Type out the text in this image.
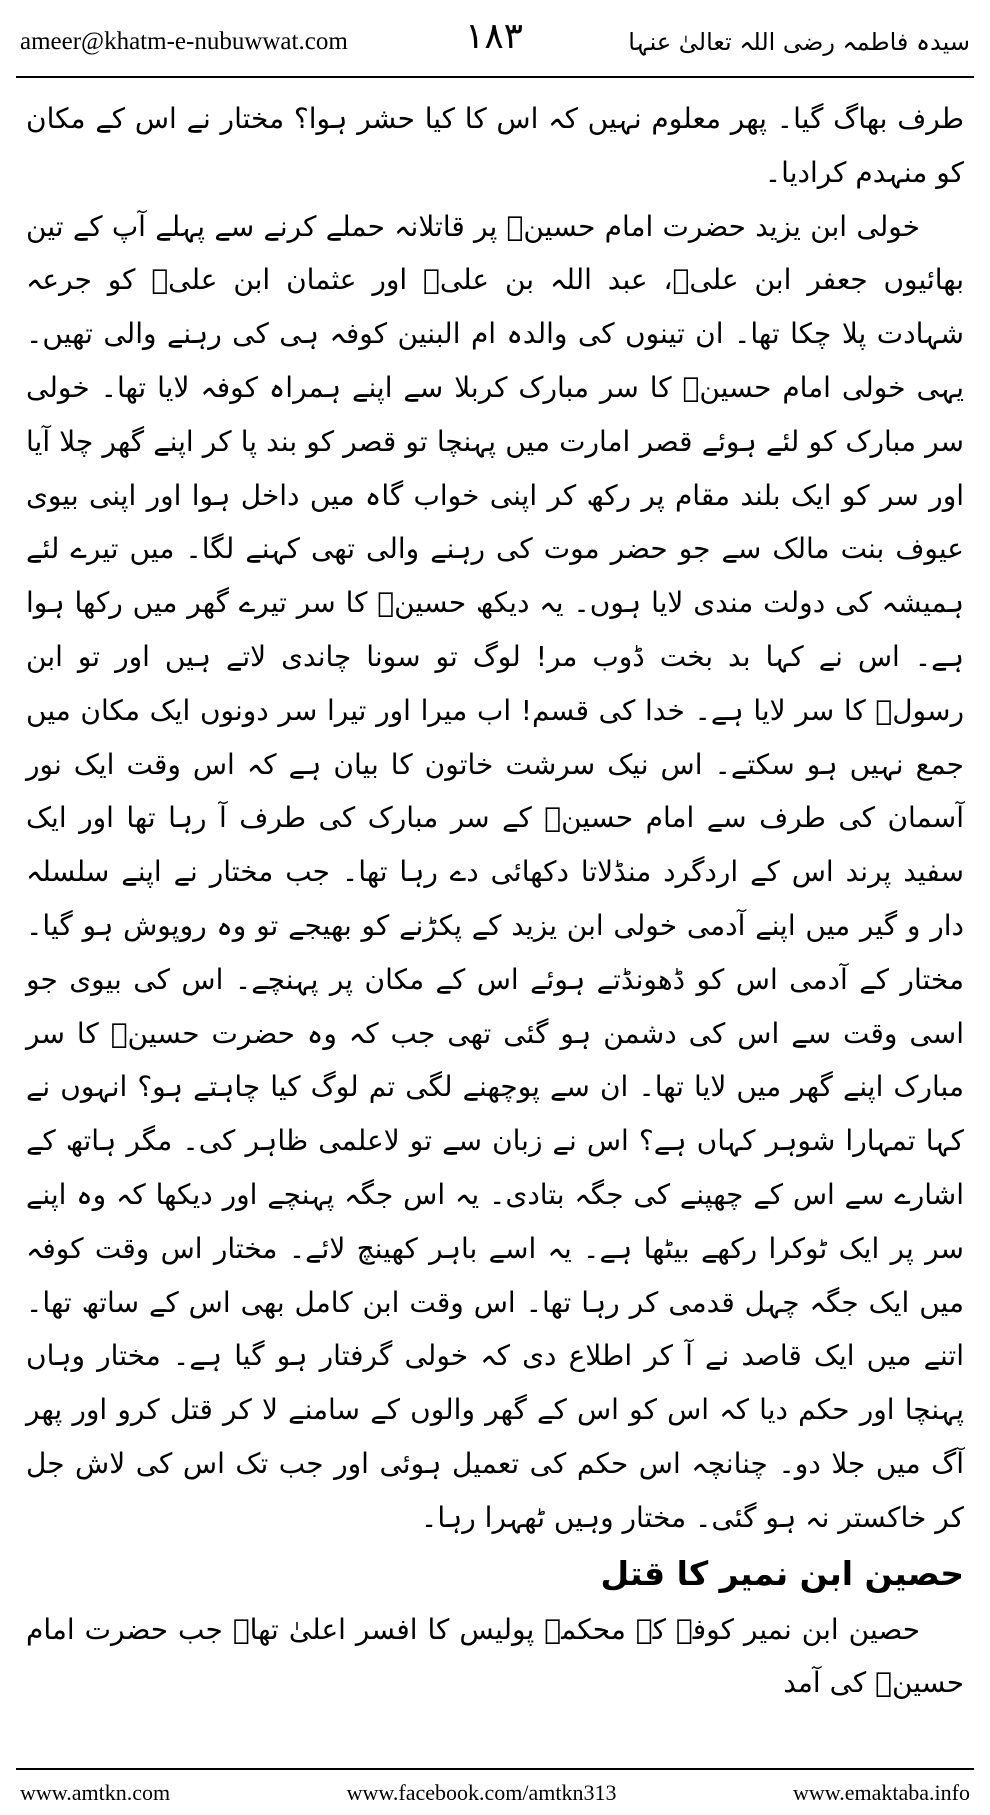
ameer@khatm-e-nubuwwat.com	۱۸۳	سیدہ فاطمہ رضی اللہ تعالیٰ عنہا

طرف بھاگ گیا۔ پھر معلوم نہیں کہ اس کا کیا حشر ہوا؟ مختار نے اس کے مکان کو منہدم کرادیا۔

خولی ابن یزید حضرت امام حسینؓ پر قاتلانہ حملے کرنے سے پہلے آپ کے تین بھائیوں جعفر ابن علیؓ، عبد اللہ بن علیؓ اور عثمان ابن علیؓ کو جرعہ شہادت پلا چکا تھا۔ ان تینوں کی والدہ ام البنین کوفہ ہی کی رہنے والی تھیں۔ یہی خولی امام حسینؓ کا سر مبارک کربلا سے اپنے ہمراہ کوفہ لایا تھا۔ خولی سر مبارک کو لئے ہوئے قصر امارت میں پہنچا تو قصر کو بند پا کر اپنے گھر چلا آیا اور سر کو ایک بلند مقام پر رکھ کر اپنی خواب گاہ میں داخل ہوا اور اپنی بیوی عیوف بنت مالک سے جو حضر موت کی رہنے والی تھی کہنے لگا۔ میں تیرے لئے ہمیشہ کی دولت مندی لایا ہوں۔ یہ دیکھ حسینؓ کا سر تیرے گھر میں رکھا ہوا ہے۔ اس نے کہا بد بخت ڈوب مر! لوگ تو سونا چاندی لاتے ہیں اور تو ابن رسولؐ کا سر لایا ہے۔ خدا کی قسم! اب میرا اور تیرا سر دونوں ایک مکان میں جمع نہیں ہو سکتے۔ اس نیک سرشت خاتون کا بیان ہے کہ اس وقت ایک نور آسمان کی طرف سے امام حسینؓ کے سر مبارک کی طرف آ رہا تھا اور ایک سفید پرند اس کے اردگرد منڈلاتا دکھائی دے رہا تھا۔ جب مختار نے اپنے سلسلہ دار و گیر میں اپنے آدمی خولی ابن یزید کے پکڑنے کو بھیجے تو وہ روپوش ہو گیا۔ مختار کے آدمی اس کو ڈھونڈتے ہوئے اس کے مکان پر پہنچے۔ اس کی بیوی جو اسی وقت سے اس کی دشمن ہو گئی تھی جب کہ وہ حضرت حسینؓ کا سر مبارک اپنے گھر میں لایا تھا۔ ان سے پوچھنے لگی تم لوگ کیا چاہتے ہو؟ انہوں نے کہا تمہارا شوہر کہاں ہے؟ اس نے زبان سے تو لاعلمی ظاہر کی۔ مگر ہاتھ کے اشارے سے اس کے چھپنے کی جگہ بتادی۔ یہ اس جگہ پہنچے اور دیکھا کہ وہ اپنے سر پر ایک ٹوکرا رکھے بیٹھا ہے۔ یہ اسے باہر کھینچ لائے۔ مختار اس وقت کوفہ میں ایک جگہ چہل قدمی کر رہا تھا۔ اس وقت ابن کامل بھی اس کے ساتھ تھا۔ اتنے میں ایک قاصد نے آ کر اطلاع دی کہ خولی گرفتار ہو گیا ہے۔ مختار وہاں پہنچا اور حکم دیا کہ اس کو اس کے گھر والوں کے سامنے لا کر قتل کرو اور پھر آگ میں جلا دو۔ چنانچہ اس حکم کی تعمیل ہوئی اور جب تک اس کی لاش جل کر خاکستر نہ ہو گئی۔ مختار وہیں ٹھہرا رہا۔

حصین ابن نمیر کا قتل

حصین ابن نمیر کوفہ کے محکمہ پولیس کا افسر اعلیٰ تھا۔ جب حضرت امام حسینؓ کی آمد

www.amtkn.com	www.facebook.com/amtkn313	www.emaktaba.info
